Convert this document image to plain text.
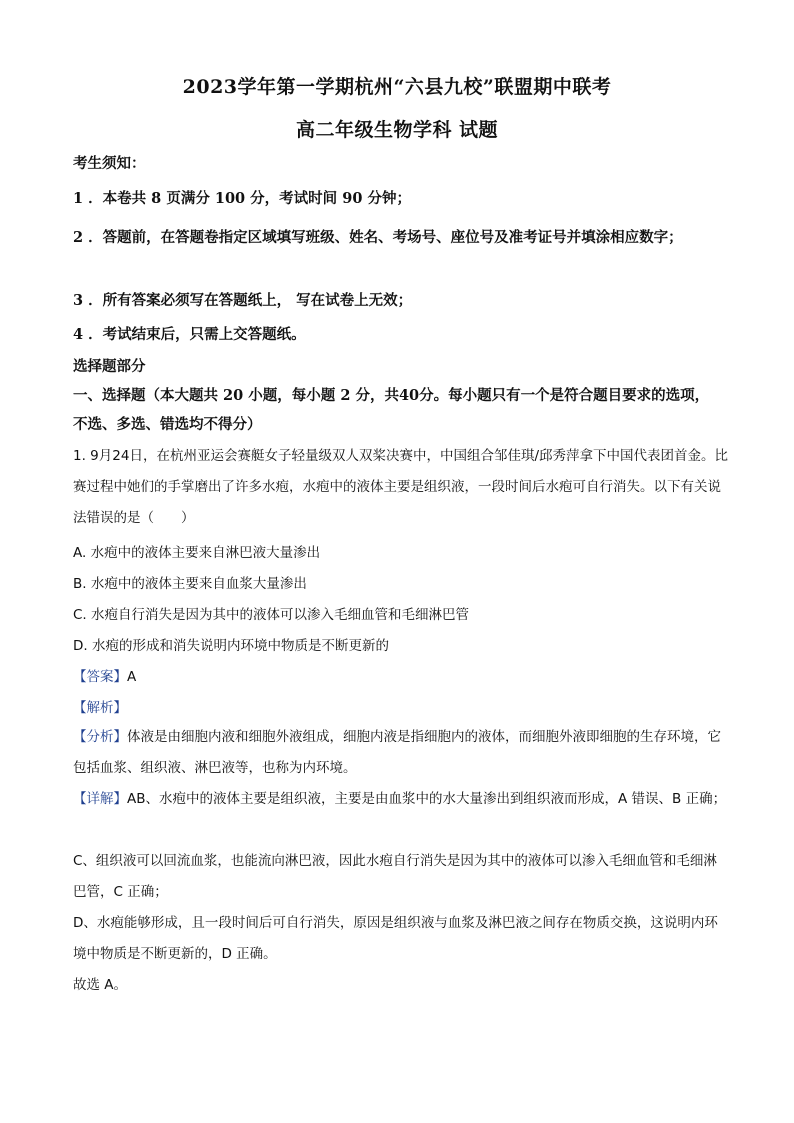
2023学年第一学期杭州“六县九校”联盟期中联考
高二年级生物学科 试题
考生须知：
1 ．本卷共 8 页满分 100 分，考试时间 90 分钟；
2 ．答题前，在答题卷指定区域填写班级、姓名、考场号、座位号及准考证号并填涂相应数字；
3 ．所有答案必须写在答题纸上， 写在试卷上无效；
4 ．考试结束后，只需上交答题纸。
选择题部分
一、选择题（本大题共 20 小题，每小题 2 分，共40分。每小题只有一个是符合题目要求的选项，不选、多选、错选均不得分）
1. 9月24日，在杭州亚运会赛艇女子轻量级双人双桨决赛中，中国组合邹佳琪/邱秀萍拿下中国代表团首金。比赛过程中她们的手掌磨出了许多水疱，水疱中的液体主要是组织液，一段时间后水疱可自行消失。以下有关说法错误的是（　　）
A. 水疱中的液体主要来自淋巴液大量渗出
B. 水疱中的液体主要来自血浆大量渗出
C. 水疱自行消失是因为其中的液体可以渗入毛细血管和毛细淋巴管
D. 水疱的形成和消失说明内环境中物质是不断更新的
【答案】A
【解析】
【分析】体液是由细胞内液和细胞外液组成，细胞内液是指细胞内的液体，而细胞外液即细胞的生存环境，它包括血浆、组织液、淋巴液等，也称为内环境。
【详解】AB、水疱中的液体主要是组织液，主要是由血浆中的水大量渗出到组织液而形成，A 错误、B 正确；
C、组织液可以回流血浆，也能流向淋巴液，因此水疱自行消失是因为其中的液体可以渗入毛细血管和毛细淋巴管，C 正确；
D、水疱能够形成，且一段时间后可自行消失，原因是组织液与血浆及淋巴液之间存在物质交换，这说明内环境中物质是不断更新的，D 正确。
故选 A。
